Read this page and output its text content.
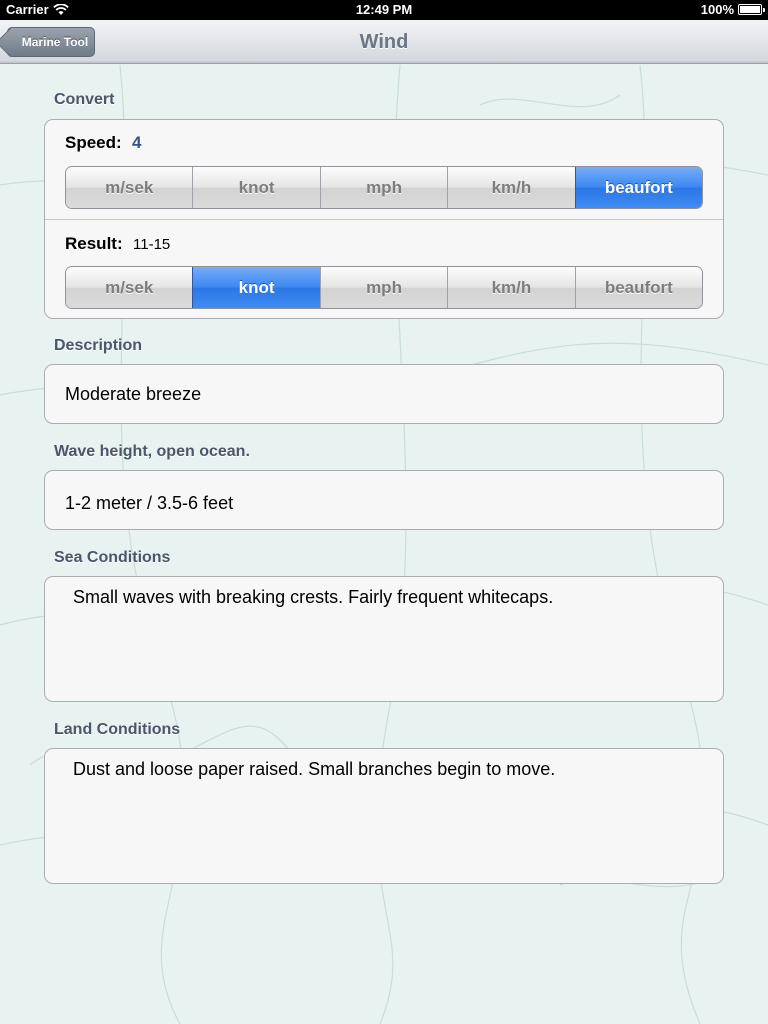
Carrier	12:49 PM	100%
Marine Tool	Wind
Convert
Speed: 4
m/sek	knot	mph	km/h	beaufort
Result: 11-15
m/sek	knot	mph	km/h	beaufort
Description
Moderate breeze
Wave height, open ocean.
1-2 meter / 3.5-6 feet
Sea Conditions
Small waves with breaking crests. Fairly frequent whitecaps.
Land Conditions
Dust and loose paper raised. Small branches begin to move.
